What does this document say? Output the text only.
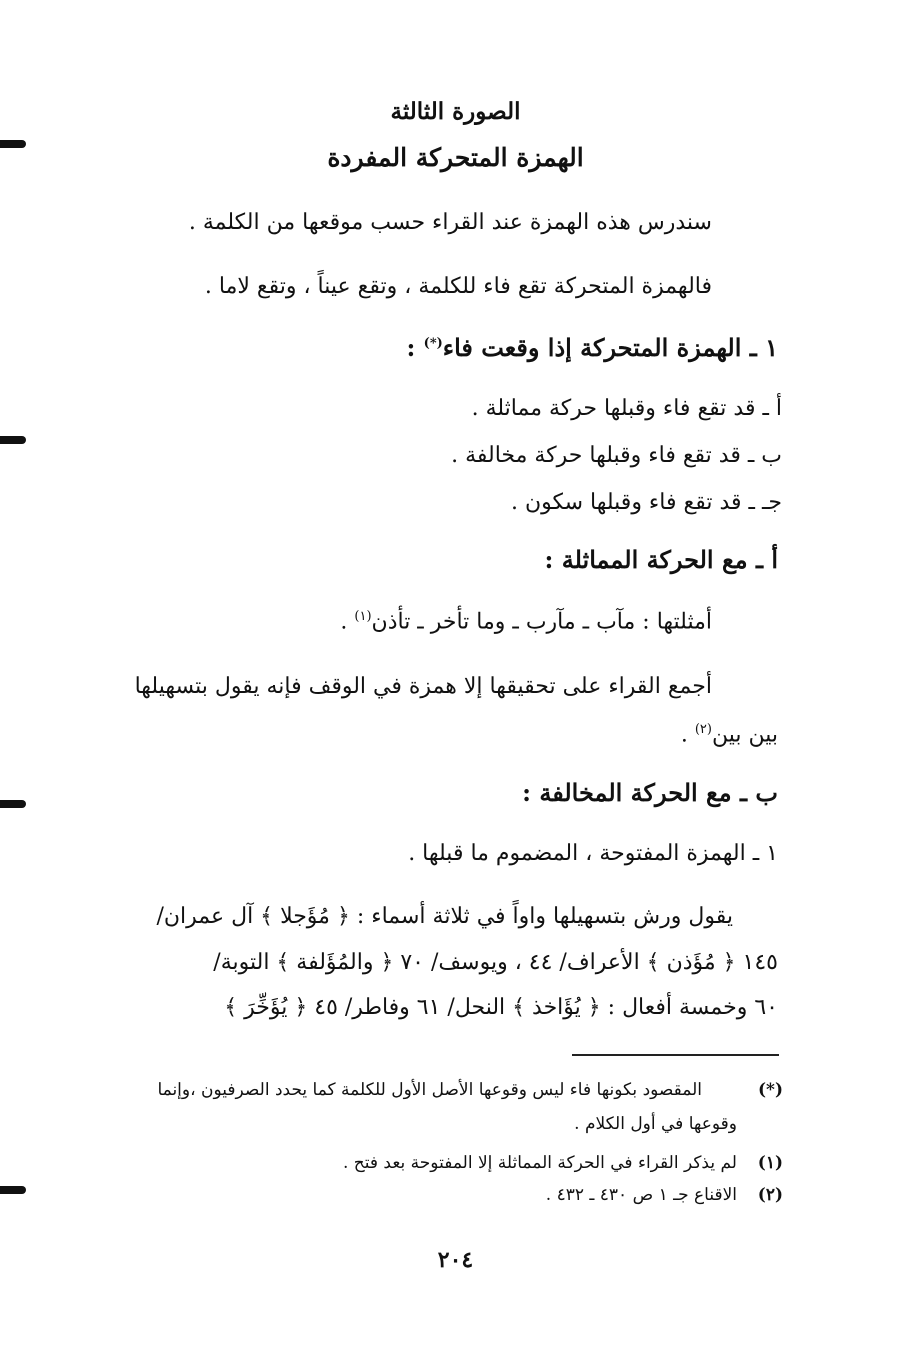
الصورة الثالثة
الهمزة المتحركة المفردة
سندرس هذه الهمزة عند القراء حسب موقعها من الكلمة .
فالهمزة المتحركة تقع فاء للكلمة ، وتقع عيناً ، وتقع لاما .
١ ـ الهمزة المتحركة إذا وقعت فاء(*) :
أ ـ قد تقع فاء وقبلها حركة مماثلة .
ب ـ قد تقع فاء وقبلها حركة مخالفة .
جـ ـ قد تقع فاء وقبلها سكون .
أ ـ مع الحركة المماثلة :
أمثلتها : مآب ـ مآرب ـ وما تأخر ـ تأذن$^{(١)}$ .
أجمع القراء على تحقيقها إلا همزة في الوقف فإنه يقول بتسهيلها
بين بين$^{(٢)}$ .
ب ـ مع الحركة المخالفة :
١ ـ الهمزة المفتوحة ، المضموم ما قبلها .
يقول ورش بتسهيلها واواً في ثلاثة أسماء : ﴿ مُؤَجلا ﴾ آل عمران/
١٤٥ ﴿ مُؤَذن ﴾ الأعراف/ ٤٤ ، ويوسف/ ٧٠ ﴿ والمُؤَلفة ﴾ التوبة/
٦٠ وخمسة أفعال : ﴿ يُؤَاخذ ﴾ النحل/ ٦١ وفاطر/ ٤٥ ﴿ يُؤَخِّرَ ﴾
(*)
المقصود بكونها فاء ليس وقوعها الأصل الأول للكلمة كما يحدد الصرفيون ،وإنما
وقوعها في أول الكلام .
(١)
لم يذكر القراء في الحركة المماثلة إلا المفتوحة بعد فتح .
(٢)
الاقناع جـ ١ ص ٤٣٠ ـ ٤٣٢ .
٢٠٤
